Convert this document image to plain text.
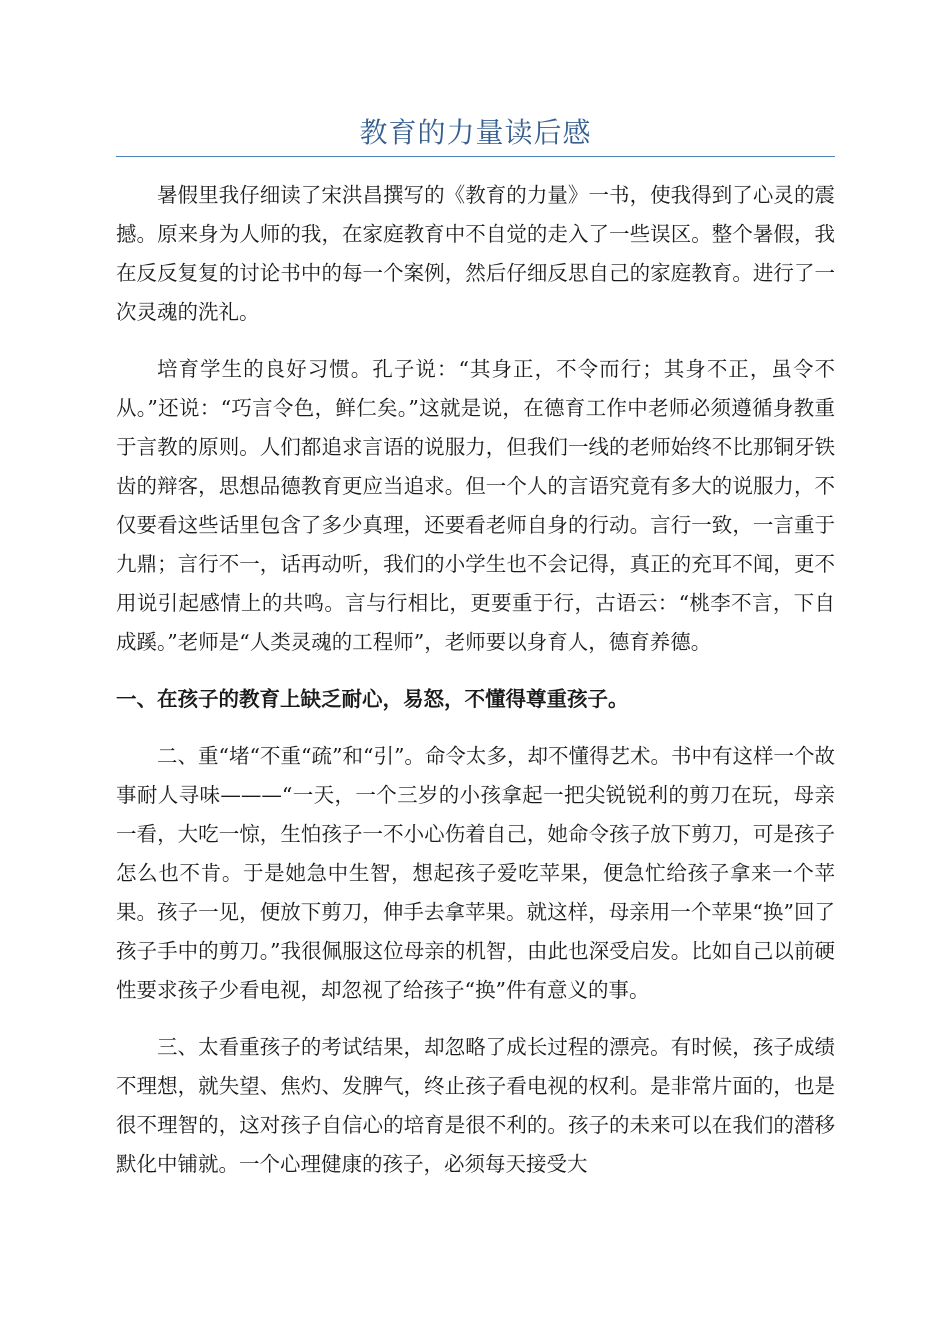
教育的力量读后感

暑假里我仔细读了宋洪昌撰写的《教育的力量》一书，使我得到了心灵的震撼。原来身为人师的我，在家庭教育中不自觉的走入了一些误区。整个暑假，我在反反复复的讨论书中的每一个案例，然后仔细反思自己的家庭教育。进行了一次灵魂的洗礼。

培育学生的良好习惯。孔子说：“其身正，不令而行；其身不正，虽令不从。”还说：“巧言令色，鲜仁矣。”这就是说，在德育工作中老师必须遵循身教重于言教的原则。人们都追求言语的说服力，但我们一线的老师始终不比那铜牙铁齿的辩客，思想品德教育更应当追求。但一个人的言语究竟有多大的说服力，不仅要看这些话里包含了多少真理，还要看老师自身的行动。言行一致，一言重于九鼎；言行不一，话再动听，我们的小学生也不会记得，真正的充耳不闻，更不用说引起感情上的共鸣。言与行相比，更要重于行，古语云：“桃李不言，下自成蹊。”老师是“人类灵魂的工程师”，老师要以身育人，德育养德。

一、在孩子的教育上缺乏耐心，易怒，不懂得尊重孩子。

二、重“堵“不重“疏”和“引”。命令太多，却不懂得艺术。书中有这样一个故事耐人寻味———“一天，一个三岁的小孩拿起一把尖锐锐利的剪刀在玩，母亲一看，大吃一惊，生怕孩子一不小心伤着自己，她命令孩子放下剪刀，可是孩子怎么也不肯。于是她急中生智，想起孩子爱吃苹果，便急忙给孩子拿来一个苹果。孩子一见，便放下剪刀，伸手去拿苹果。就这样，母亲用一个苹果“换”回了孩子手中的剪刀。”我很佩服这位母亲的机智，由此也深受启发。比如自己以前硬性要求孩子少看电视，却忽视了给孩子“换”件有意义的事。

三、太看重孩子的考试结果，却忽略了成长过程的漂亮。有时候，孩子成绩不理想，就失望、焦灼、发脾气，终止孩子看电视的权利。是非常片面的，也是很不理智的，这对孩子自信心的培育是很不利的。孩子的未来可以在我们的潜移默化中铺就。一个心理健康的孩子，必须每天接受大
